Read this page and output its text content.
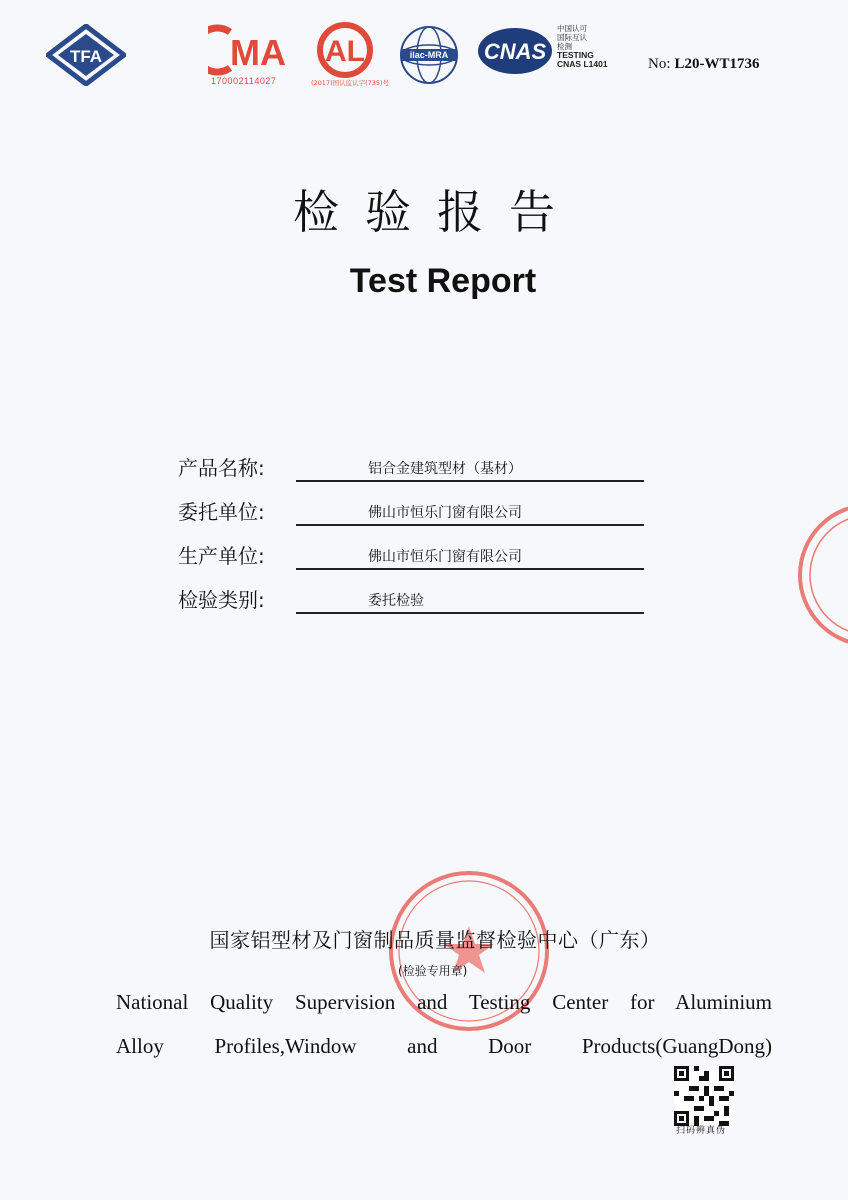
TFA	MA
170002114027
AL
(2017)国认监认字(735)号
ilac-MRA CNAS
中国认可
国际互认
检测
TESTING
CNAS L1401	No: L20-WT1736
检验报告
Test Report
产品名称:	铝合金建筑型材（基材）
委托单位:	佛山市恒乐门窗有限公司
生产单位:	佛山市恒乐门窗有限公司
检验类别:	委托检验
国家铝型材及门窗制品质量监督检验中心（广东）
(检验专用章)
National Quality Supervision and Testing Center for Aluminium
Alloy Profiles,Window and Door Products(GuangDong)
扫码辨真伪
